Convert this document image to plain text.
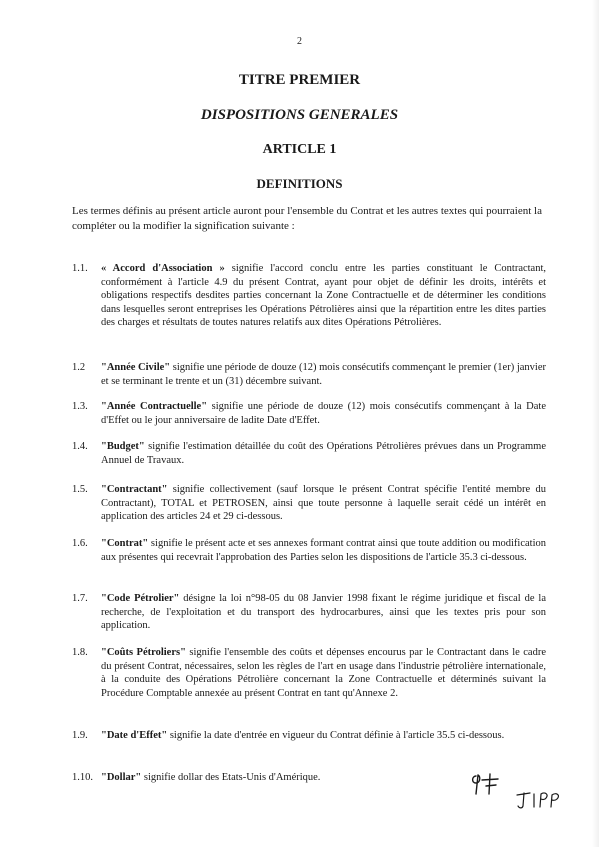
2
TITRE PREMIER
DISPOSITIONS GENERALES
ARTICLE 1
DEFINITIONS
Les termes définis au présent article auront pour l'ensemble du Contrat et les autres textes qui pourraient la compléter ou la modifier la signification suivante :
1.1.	« Accord d'Association » signifie l'accord conclu entre les parties constituant le Contractant, conformément à l'article 4.9 du présent Contrat, ayant pour objet de définir les droits, intérêts et obligations respectifs desdites parties concernant la Zone Contractuelle et de déterminer les conditions dans lesquelles seront entreprises les Opérations Pétrolières ainsi que la répartition entre les dites parties des charges et résultats de toutes natures relatifs aux dites Opérations Pétrolières.
1.2	"Année Civile" signifie une période de douze (12) mois consécutifs commençant le premier (1er) janvier et se terminant le trente et un (31) décembre suivant.
1.3.	"Année Contractuelle" signifie une période de douze (12) mois consécutifs commençant à la Date d'Effet ou le jour anniversaire de ladite Date d'Effet.
1.4.	"Budget" signifie l'estimation détaillée du coût des Opérations Pétrolières prévues dans un Programme Annuel de Travaux.
1.5.	"Contractant" signifie collectivement (sauf lorsque le présent Contrat spécifie l'entité membre du Contractant), TOTAL et PETROSEN, ainsi que toute personne à laquelle serait cédé un intérêt en application des articles 24 et 29 ci-dessous.
1.6.	"Contrat" signifie le présent acte et ses annexes formant contrat ainsi que toute addition ou modification aux présentes qui recevrait l'approbation des Parties selon les dispositions de l'article 35.3 ci-dessous.
1.7.	"Code Pétrolier" désigne la loi n°98-05 du 08 Janvier 1998 fixant le régime juridique et fiscal de la recherche, de l'exploitation et du transport des hydrocarbures, ainsi que les textes pris pour son application.
1.8.	"Coûts Pétroliers" signifie l'ensemble des coûts et dépenses encourus par le Contractant dans le cadre du présent Contrat, nécessaires, selon les règles de l'art en usage dans l'industrie pétrolière internationale, à la conduite des Opérations Pétrolière concernant la Zone Contractuelle et déterminés suivant la Procédure Comptable annexée au présent Contrat en tant qu'Annexe 2.
1.9.	"Date d'Effet" signifie la date d'entrée en vigueur du Contrat définie à l'article 35.5 ci-dessous.
1.10. "Dollar" signifie dollar des Etats-Unis d'Amérique.
